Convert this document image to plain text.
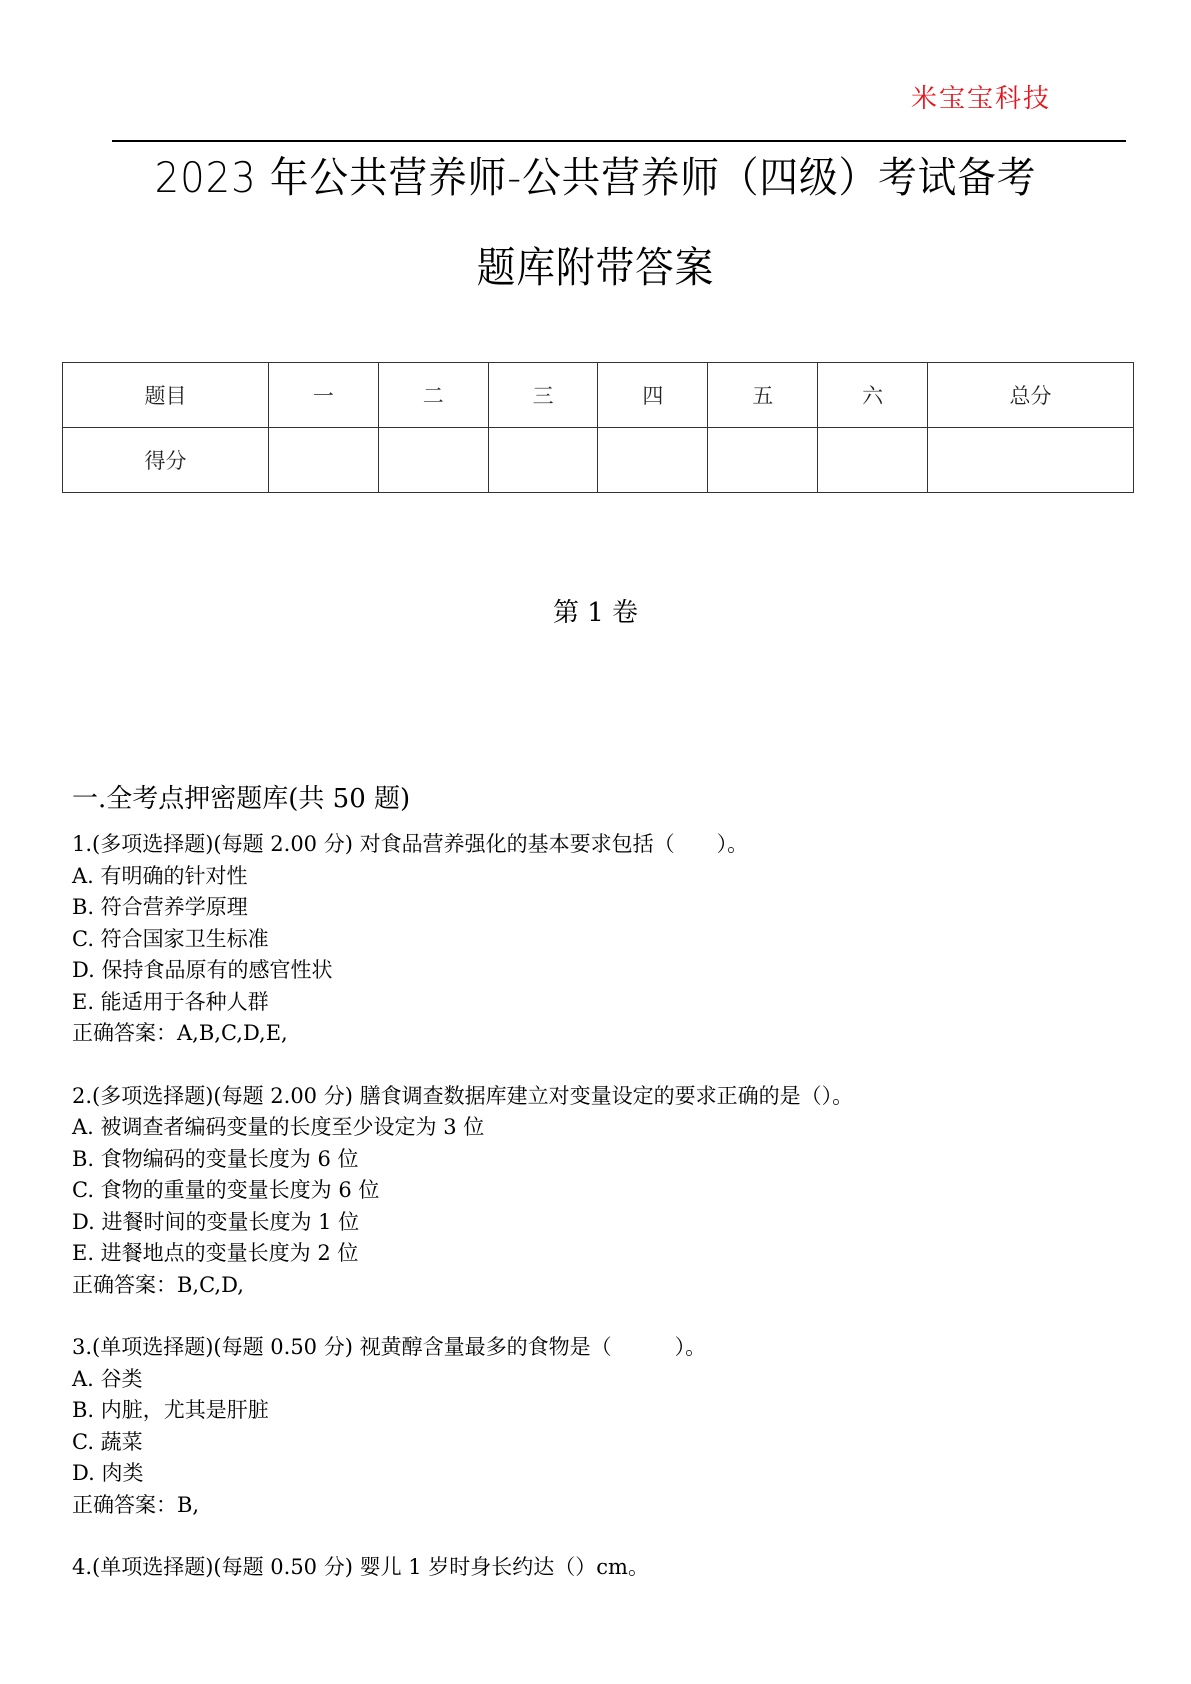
米宝宝科技
2023 年公共营养师-公共营养师（四级）考试备考
题库附带答案
题目	一	二	三	四	五	六	总分
得分							
第 1 卷
一.全考点押密题库(共 50 题)
1.(多项选择题)(每题 2.00 分) 对食品营养强化的基本要求包括（　　）。
A. 有明确的针对性
B. 符合营养学原理
C. 符合国家卫生标准
D. 保持食品原有的感官性状
E. 能适用于各种人群
正确答案：A,B,C,D,E,
2.(多项选择题)(每题 2.00 分) 膳食调查数据库建立对变量设定的要求正确的是（）。
A. 被调查者编码变量的长度至少设定为 3 位
B. 食物编码的变量长度为 6 位
C. 食物的重量的变量长度为 6 位
D. 进餐时间的变量长度为 1 位
E. 进餐地点的变量长度为 2 位
正确答案：B,C,D,
3.(单项选择题)(每题 0.50 分) 视黄醇含量最多的食物是（　　　）。
A. 谷类
B. 内脏，尤其是肝脏
C. 蔬菜
D. 肉类
正确答案：B,
4.(单项选择题)(每题 0.50 分) 婴儿 1 岁时身长约达（）cm。
